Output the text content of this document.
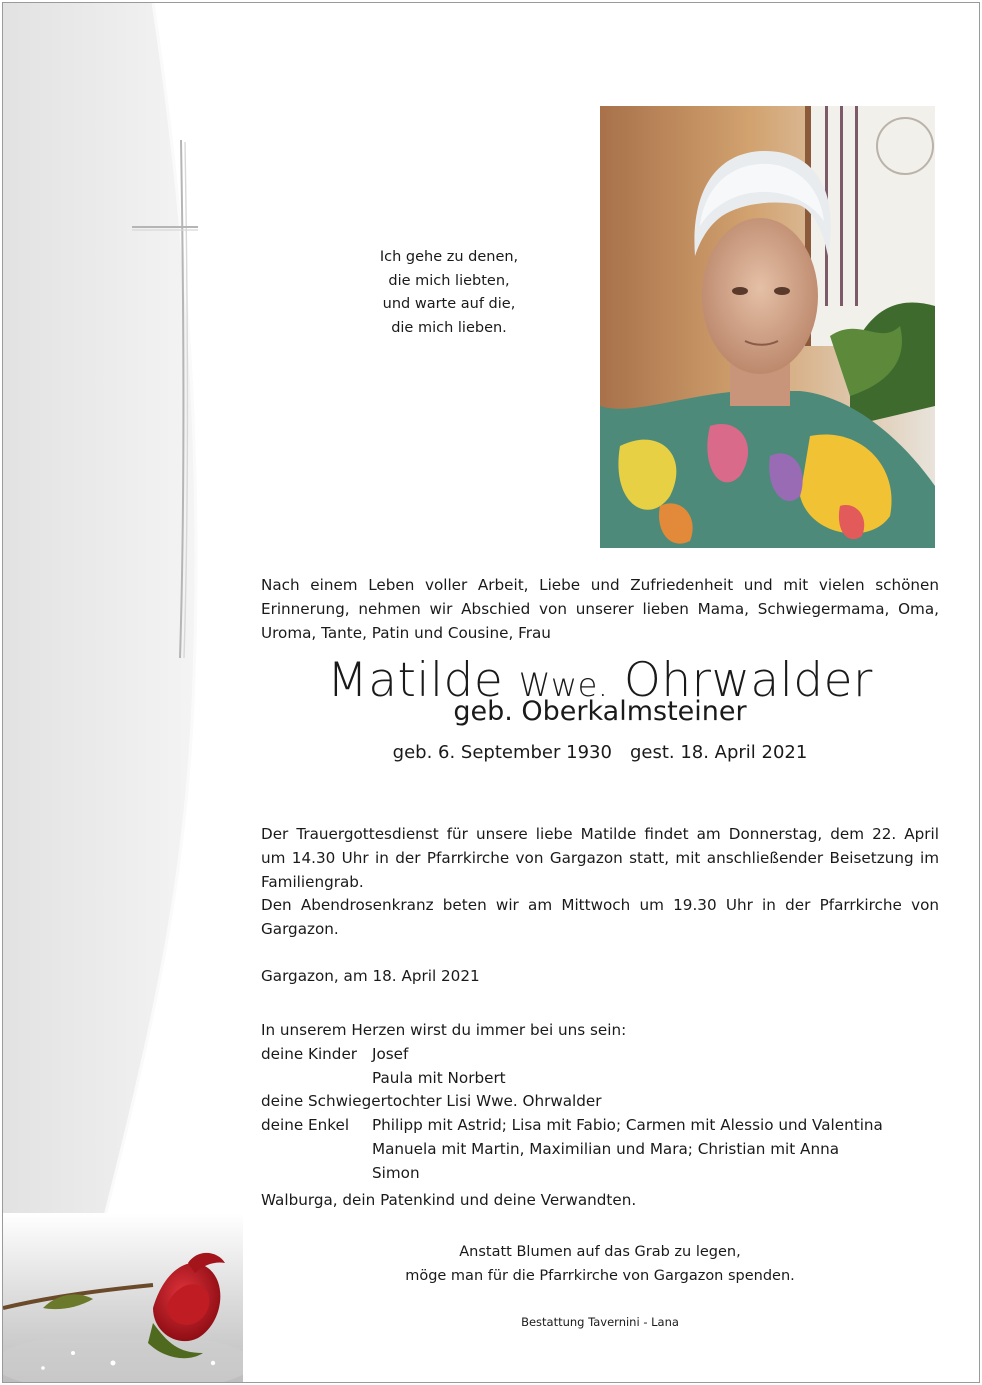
Ich gehe zu denen,
die mich liebten,
und warte auf die,
die mich lieben.
Nach einem Leben voller Arbeit, Liebe und Zufriedenheit und mit vielen schönen
Erinnerung, nehmen wir Abschied von unserer lieben Mama, Schwiegermama, Oma,
Uroma, Tante, Patin und Cousine, Frau
Matilde Wwe. Ohrwalder
geb. Oberkalmsteiner
geb. 6. September 1930 gest. 18. April 2021
Der Trauergottesdienst für unsere liebe Matilde findet am Donnerstag, dem 22. April
um 14.30 Uhr in der Pfarrkirche von Gargazon statt, mit anschließender Beisetzung im
Familiengrab.
Den Abendrosenkranz beten wir am Mittwoch um 19.30 Uhr in der Pfarrkirche von
Gargazon.
Gargazon, am 18. April 2021
In unserem Herzen wirst du immer bei uns sein:
deine Kinder Josef
Paula mit Norbert
deine Schwiegertochter Lisi Wwe. Ohrwalder
deine Enkel Philipp mit Astrid; Lisa mit Fabio; Carmen mit Alessio und Valentina
Manuela mit Martin, Maximilian und Mara; Christian mit Anna
Simon
Walburga, dein Patenkind und deine Verwandten.
Anstatt Blumen auf das Grab zu legen,
möge man für die Pfarrkirche von Gargazon spenden.
Bestattung Tavernini - Lana
